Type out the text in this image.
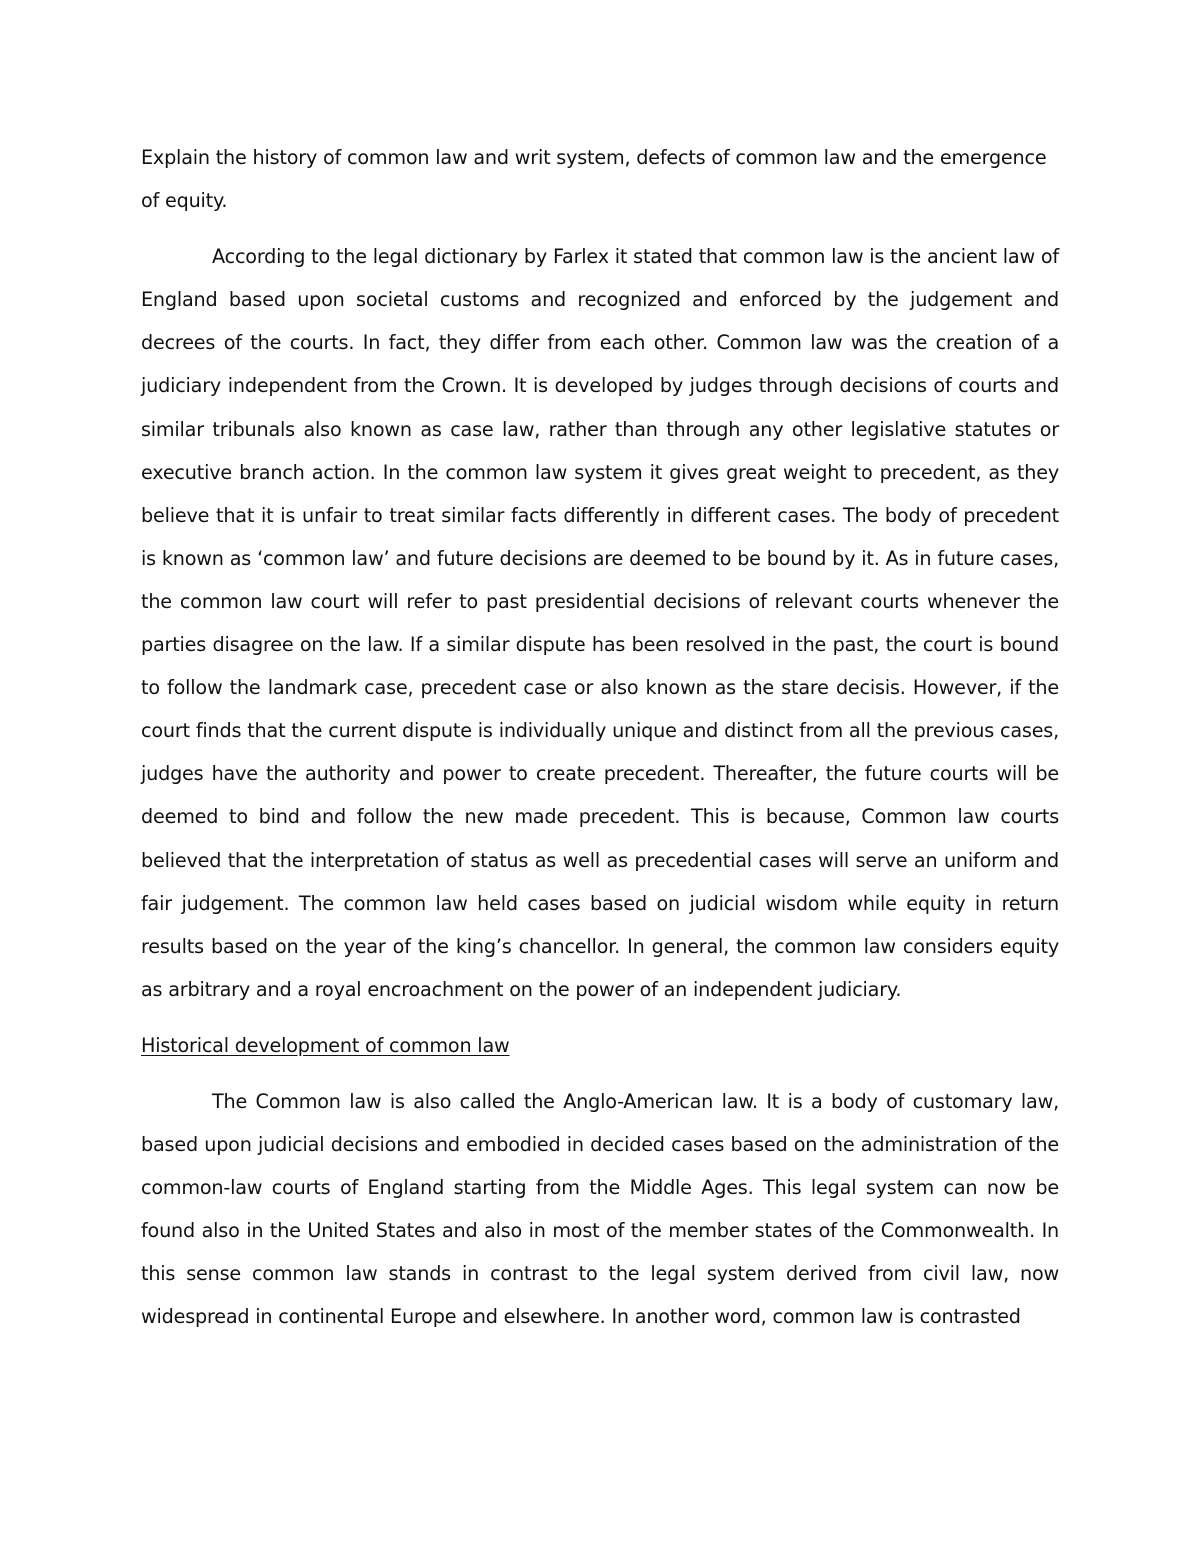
Explain the history of common law and writ system, defects of common law and the emergence of equity.

According to the legal dictionary by Farlex it stated that common law is the ancient law of England based upon societal customs and recognized and enforced by the judgement and decrees of the courts. In fact, they differ from each other. Common law was the creation of a judiciary independent from the Crown. It is developed by judges through decisions of courts and similar tribunals also known as case law, rather than through any other legislative statutes or executive branch action. In the common law system it gives great weight to precedent, as they believe that it is unfair to treat similar facts differently in different cases. The body of precedent is known as ‘common law’ and future decisions are deemed to be bound by it. As in future cases, the common law court will refer to past presidential decisions of relevant courts whenever the parties disagree on the law. If a similar dispute has been resolved in the past, the court is bound to follow the landmark case, precedent case or also known as the stare decisis. However, if the court finds that the current dispute is individually unique and distinct from all the previous cases, judges have the authority and power to create precedent. Thereafter, the future courts will be deemed to bind and follow the new made precedent. This is because, Common law courts believed that the interpretation of status as well as precedential cases will serve an uniform and fair judgement. The common law held cases based on judicial wisdom while equity in return results based on the year of the king’s chancellor. In general, the common law considers equity as arbitrary and a royal encroachment on the power of an independent judiciary.

Historical development of common law

The Common law is also called the Anglo-American law. It is a body of customary law, based upon judicial decisions and embodied in decided cases based on the administration of the common-law courts of England starting from the Middle Ages. This legal system can now be found also in the United States and also in most of the member states of the Commonwealth. In this sense common law stands in contrast to the legal system derived from civil law, now widespread in continental Europe and elsewhere. In another word, common law is contrasted
